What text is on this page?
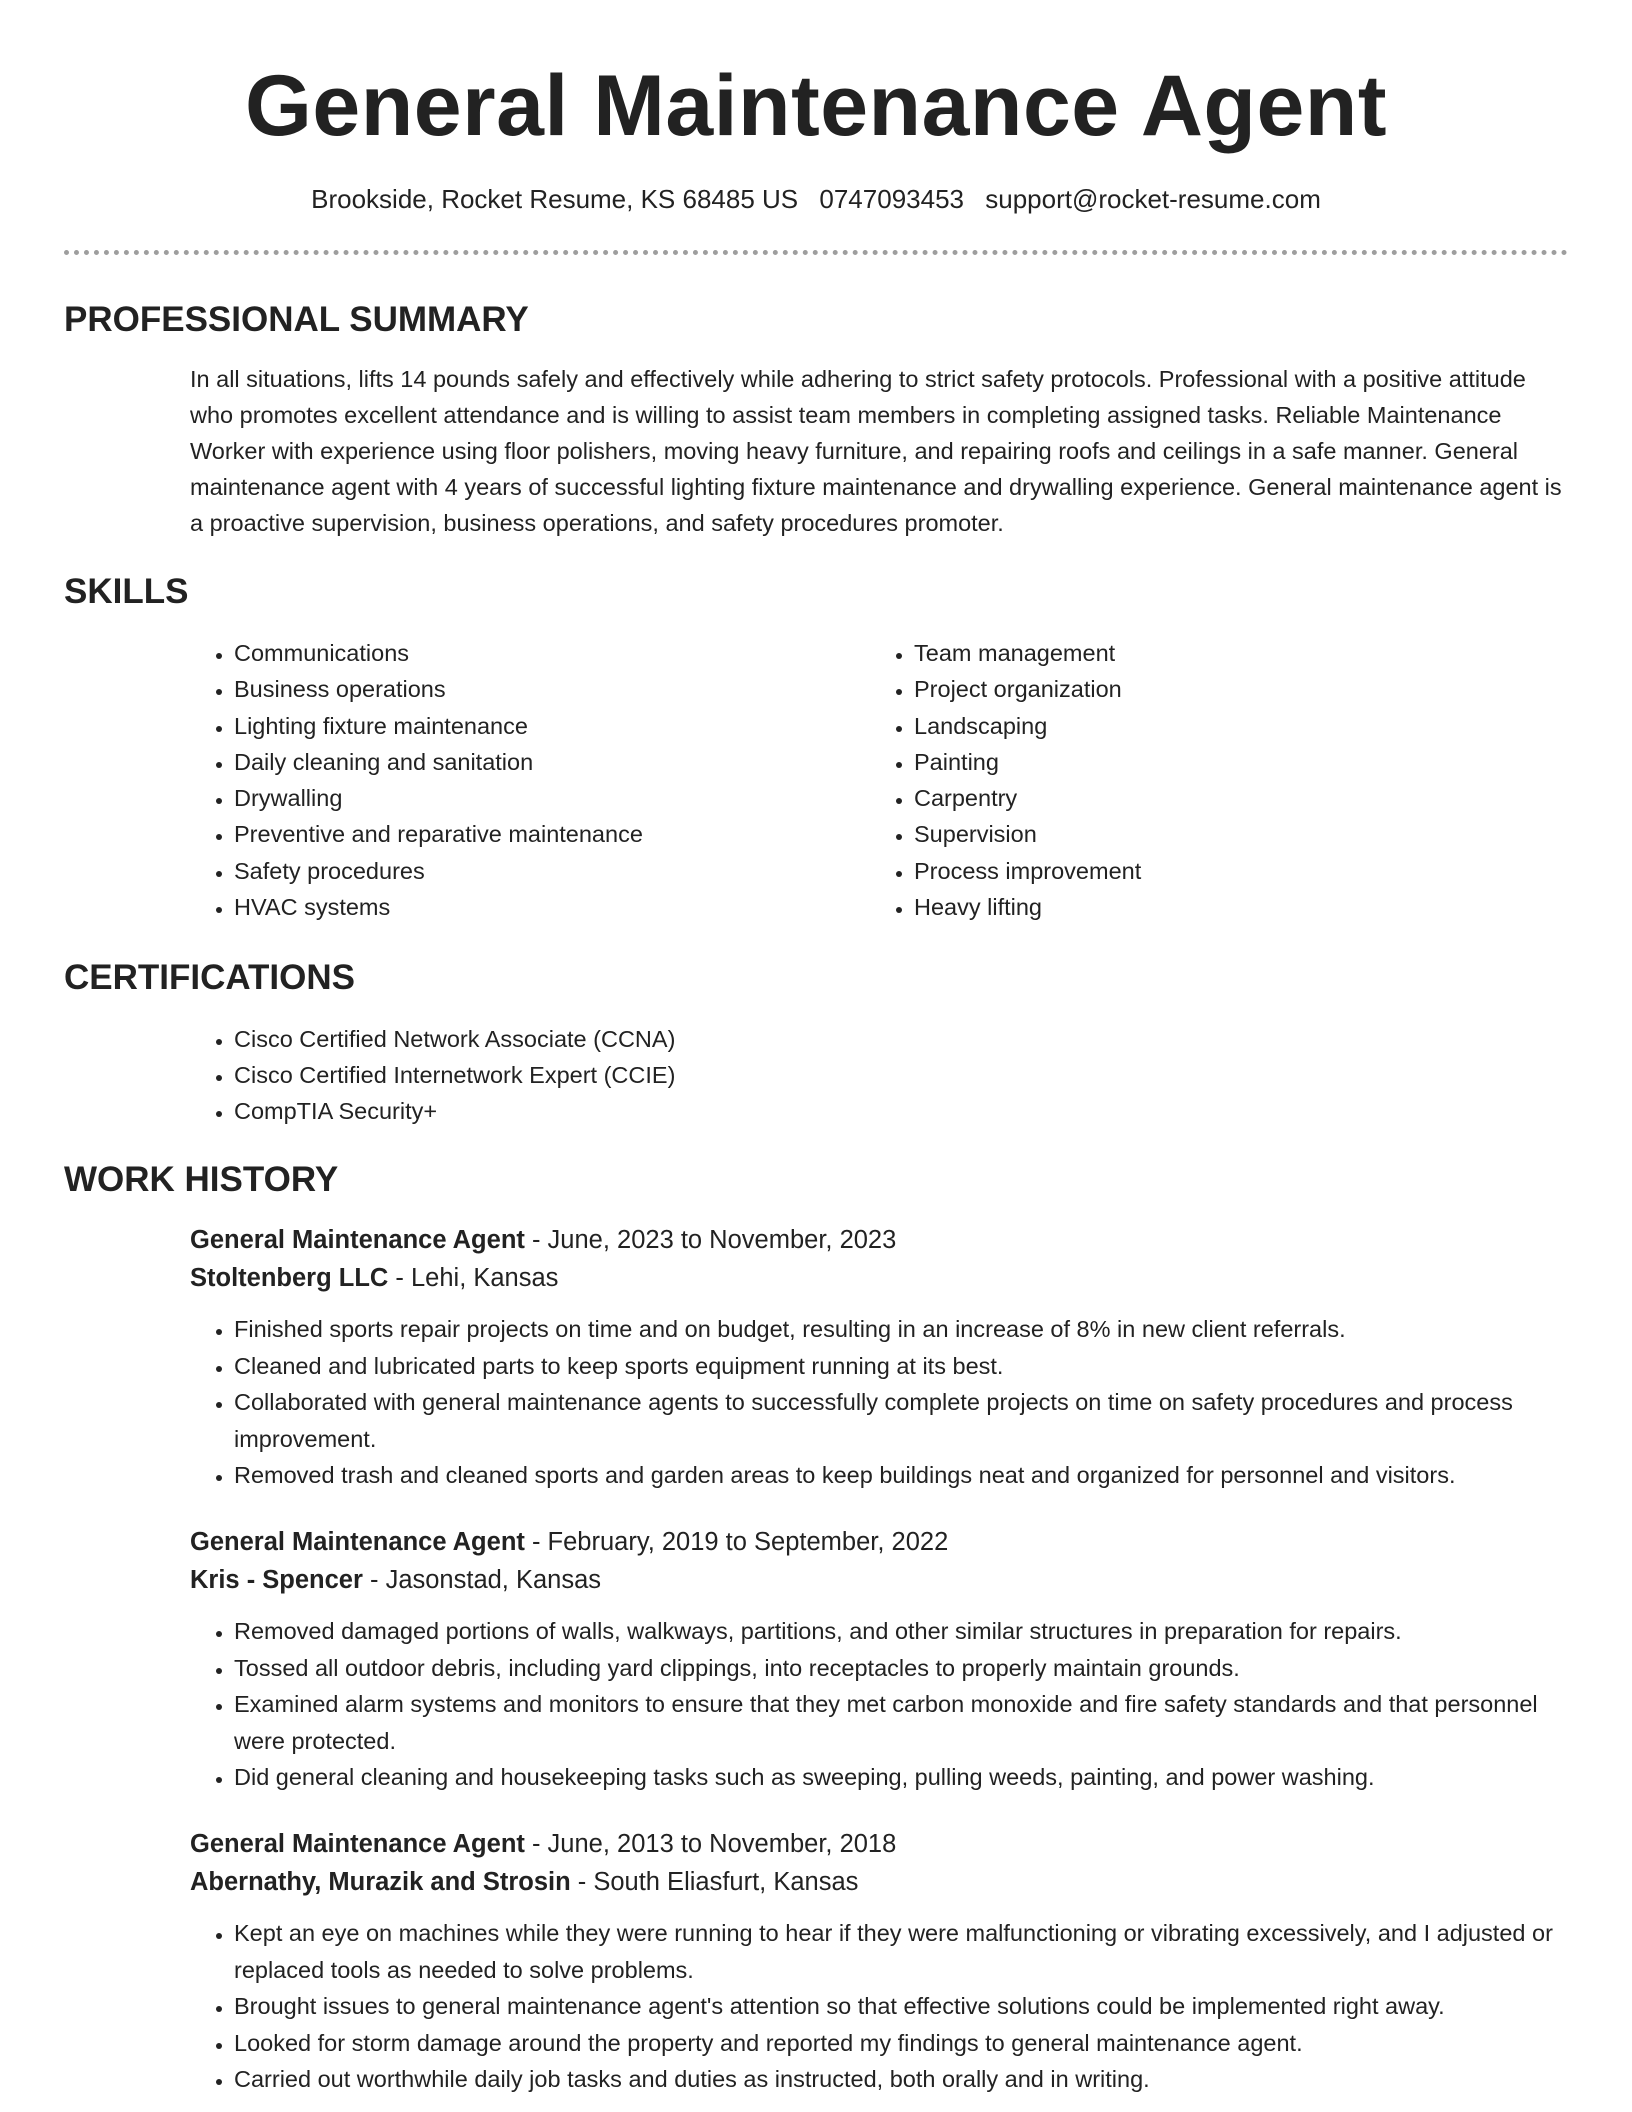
General Maintenance Agent
Brookside, Rocket Resume, KS 68485 US 0747093453 support@rocket-resume.com
PROFESSIONAL SUMMARY

In all situations, lifts 14 pounds safely and effectively while adhering to strict safety protocols. Professional with a positive attitude who promotes excellent attendance and is willing to assist team members in completing assigned tasks. Reliable Maintenance Worker with experience using floor polishers, moving heavy furniture, and repairing roofs and ceilings in a safe manner. General maintenance agent with 4 years of successful lighting fixture maintenance and drywalling experience. General maintenance agent is a proactive supervision, business operations, and safety procedures promoter.

SKILLS
• Communications
• Business operations
• Lighting fixture maintenance
• Daily cleaning and sanitation
• Drywalling
• Preventive and reparative maintenance
• Safety procedures
• HVAC systems
• Team management
• Project organization
• Landscaping
• Painting
• Carpentry
• Supervision
• Process improvement
• Heavy lifting
CERTIFICATIONS
• Cisco Certified Network Associate (CCNA)
• Cisco Certified Internetwork Expert (CCIE)
• CompTIA Security+
WORK HISTORY
General Maintenance Agent - June, 2023 to November, 2023
Stoltenberg LLC - Lehi, Kansas
• Finished sports repair projects on time and on budget, resulting in an increase of 8% in new client referrals.
• Cleaned and lubricated parts to keep sports equipment running at its best.
• Collaborated with general maintenance agents to successfully complete projects on time on safety procedures and process improvement.
• Removed trash and cleaned sports and garden areas to keep buildings neat and organized for personnel and visitors.
General Maintenance Agent - February, 2019 to September, 2022
Kris - Spencer - Jasonstad, Kansas
• Removed damaged portions of walls, walkways, partitions, and other similar structures in preparation for repairs.
• Tossed all outdoor debris, including yard clippings, into receptacles to properly maintain grounds.
• Examined alarm systems and monitors to ensure that they met carbon monoxide and fire safety standards and that personnel were protected.
• Did general cleaning and housekeeping tasks such as sweeping, pulling weeds, painting, and power washing.
General Maintenance Agent - June, 2013 to November, 2018
Abernathy, Murazik and Strosin - South Eliasfurt, Kansas
• Kept an eye on machines while they were running to hear if they were malfunctioning or vibrating excessively, and I adjusted or replaced tools as needed to solve problems.
• Brought issues to general maintenance agent's attention so that effective solutions could be implemented right away.
• Looked for storm damage around the property and reported my findings to general maintenance agent.
• Carried out worthwhile daily job tasks and duties as instructed, both orally and in writing.
